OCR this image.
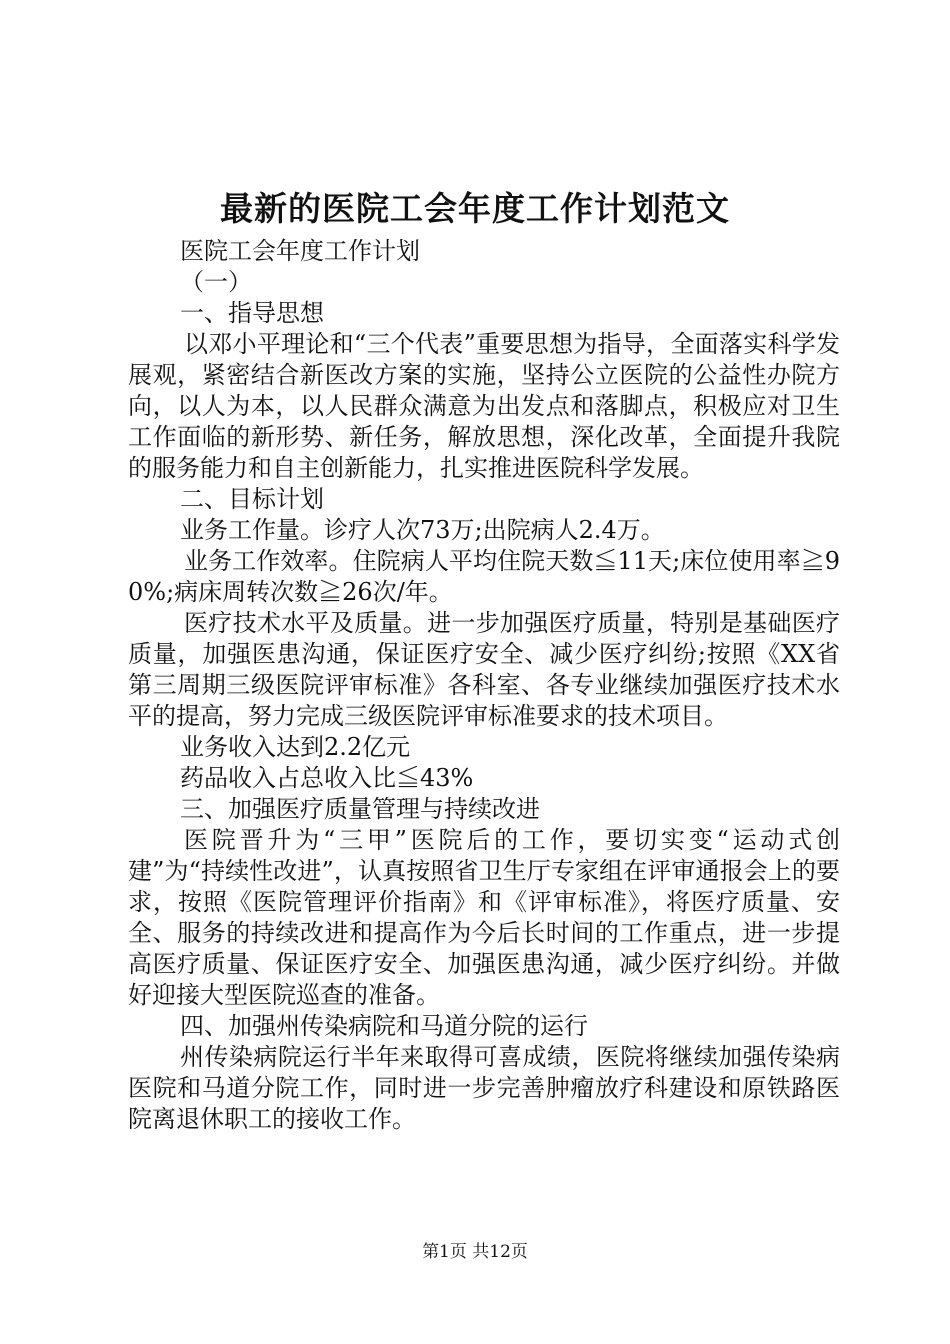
最新的医院工会年度工作计划范文

医院工会年度工作计划

（一）

一、指导思想

以邓小平理论和“三个代表”重要思想为指导，全面落实科学发展观，紧密结合新医改方案的实施，坚持公立医院的公益性办院方向，以人为本，以人民群众满意为出发点和落脚点，积极应对卫生工作面临的新形势、新任务，解放思想，深化改革，全面提升我院的服务能力和自主创新能力，扎实推进医院科学发展。

二、目标计划

业务工作量。诊疗人次73万;出院病人2.4万。

业务工作效率。住院病人平均住院天数≦11天;床位使用率≧90%;病床周转次数≧26次/年。

医疗技术水平及质量。进一步加强医疗质量，特别是基础医疗质量，加强医患沟通，保证医疗安全、减少医疗纠纷;按照《XX省第三周期三级医院评审标准》各科室、各专业继续加强医疗技术水平的提高，努力完成三级医院评审标准要求的技术项目。

业务收入达到2.2亿元

药品收入占总收入比≦43%

三、加强医疗质量管理与持续改进

医院晋升为“三甲”医院后的工作，要切实变“运动式创建”为“持续性改进”，认真按照省卫生厅专家组在评审通报会上的要求，按照《医院管理评价指南》和《评审标准》，将医疗质量、安全、服务的持续改进和提高作为今后长时间的工作重点，进一步提高医疗质量、保证医疗安全、加强医患沟通，减少医疗纠纷。并做好迎接大型医院巡查的准备。

四、加强州传染病院和马道分院的运行

州传染病院运行半年来取得可喜成绩，医院将继续加强传染病医院和马道分院工作，同时进一步完善肿瘤放疗科建设和原铁路医院离退休职工的接收工作。

第1页 共12页
